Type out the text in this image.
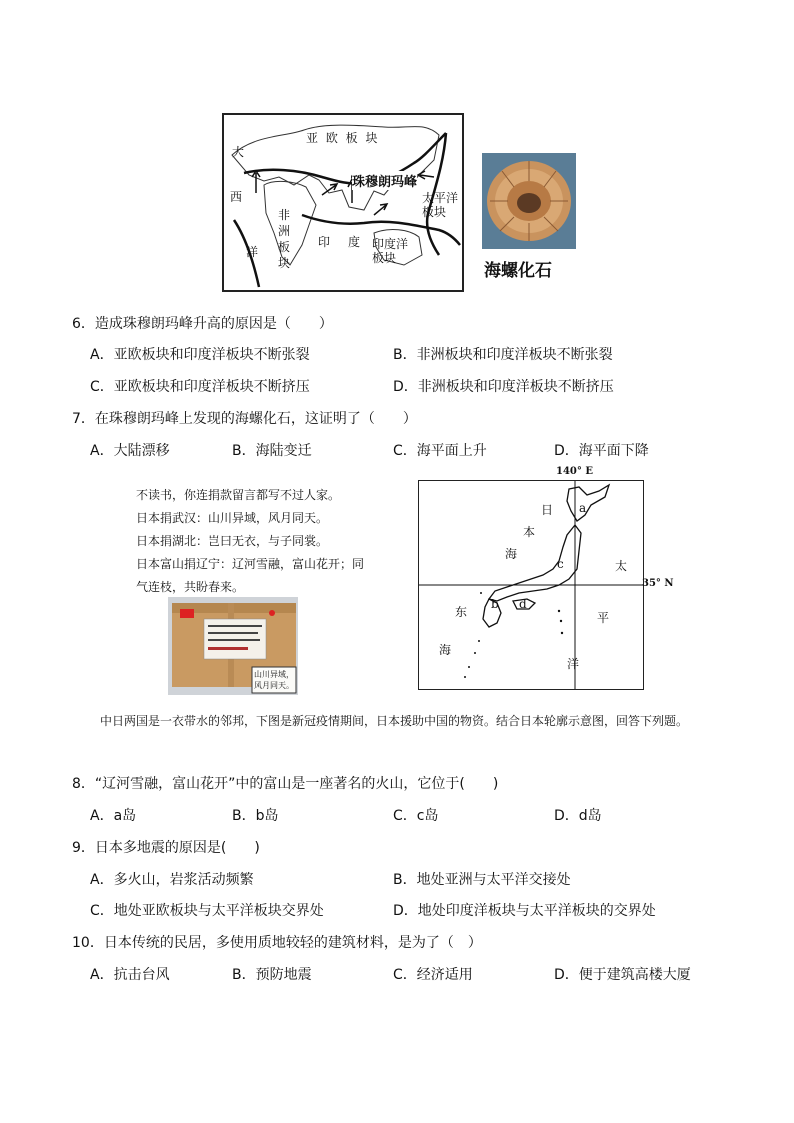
亚 欧 板 块
大
西
洋
珠穆朗玛峰
太平洋板块
非洲板块
印 度 印度洋板块
海螺化石
6．造成珠穆朗玛峰升高的原因是（　　）
A．亚欧板块和印度洋板块不断张裂	B．非洲板块和印度洋板块不断张裂
C．亚欧板块和印度洋板块不断挤压	D．非洲板块和印度洋板块不断挤压
7．在珠穆朗玛峰上发现的海螺化石，这证明了（　　）
A．大陆漂移	B．海陆变迁	C．海平面上升	D．海平面下降
不读书，你连捐款留言都写不过人家。
日本捐武汉：山川异域，风月同天。
日本捐湖北：岂曰无衣，与子同裳。
日本富山捐辽宁：辽河雪融，富山花开；同
气连枝，共盼春来。
山川异域，
风月同天。
日
本
海
a
c
b d
太
平
洋
东
海
140° E
35° N
中日两国是一衣带水的邻邦，下图是新冠疫情期间，日本援助中国的物资。结合日本轮廓示意图，回答下列题。
8．“辽河雪融，富山花开”中的富山是一座著名的火山，它位于(　　)
A．a岛	B．b岛	C．c岛	D．d岛
9．日本多地震的原因是(　　)
A．多火山，岩浆活动频繁	B．地处亚洲与太平洋交接处
C．地处亚欧板块与太平洋板块交界处	D．地处印度洋板块与太平洋板块的交界处
10．日本传统的民居，多使用质地较轻的建筑材料，是为了（　）
A．抗击台风	B．预防地震	C．经济适用	D．便于建筑高楼大厦
